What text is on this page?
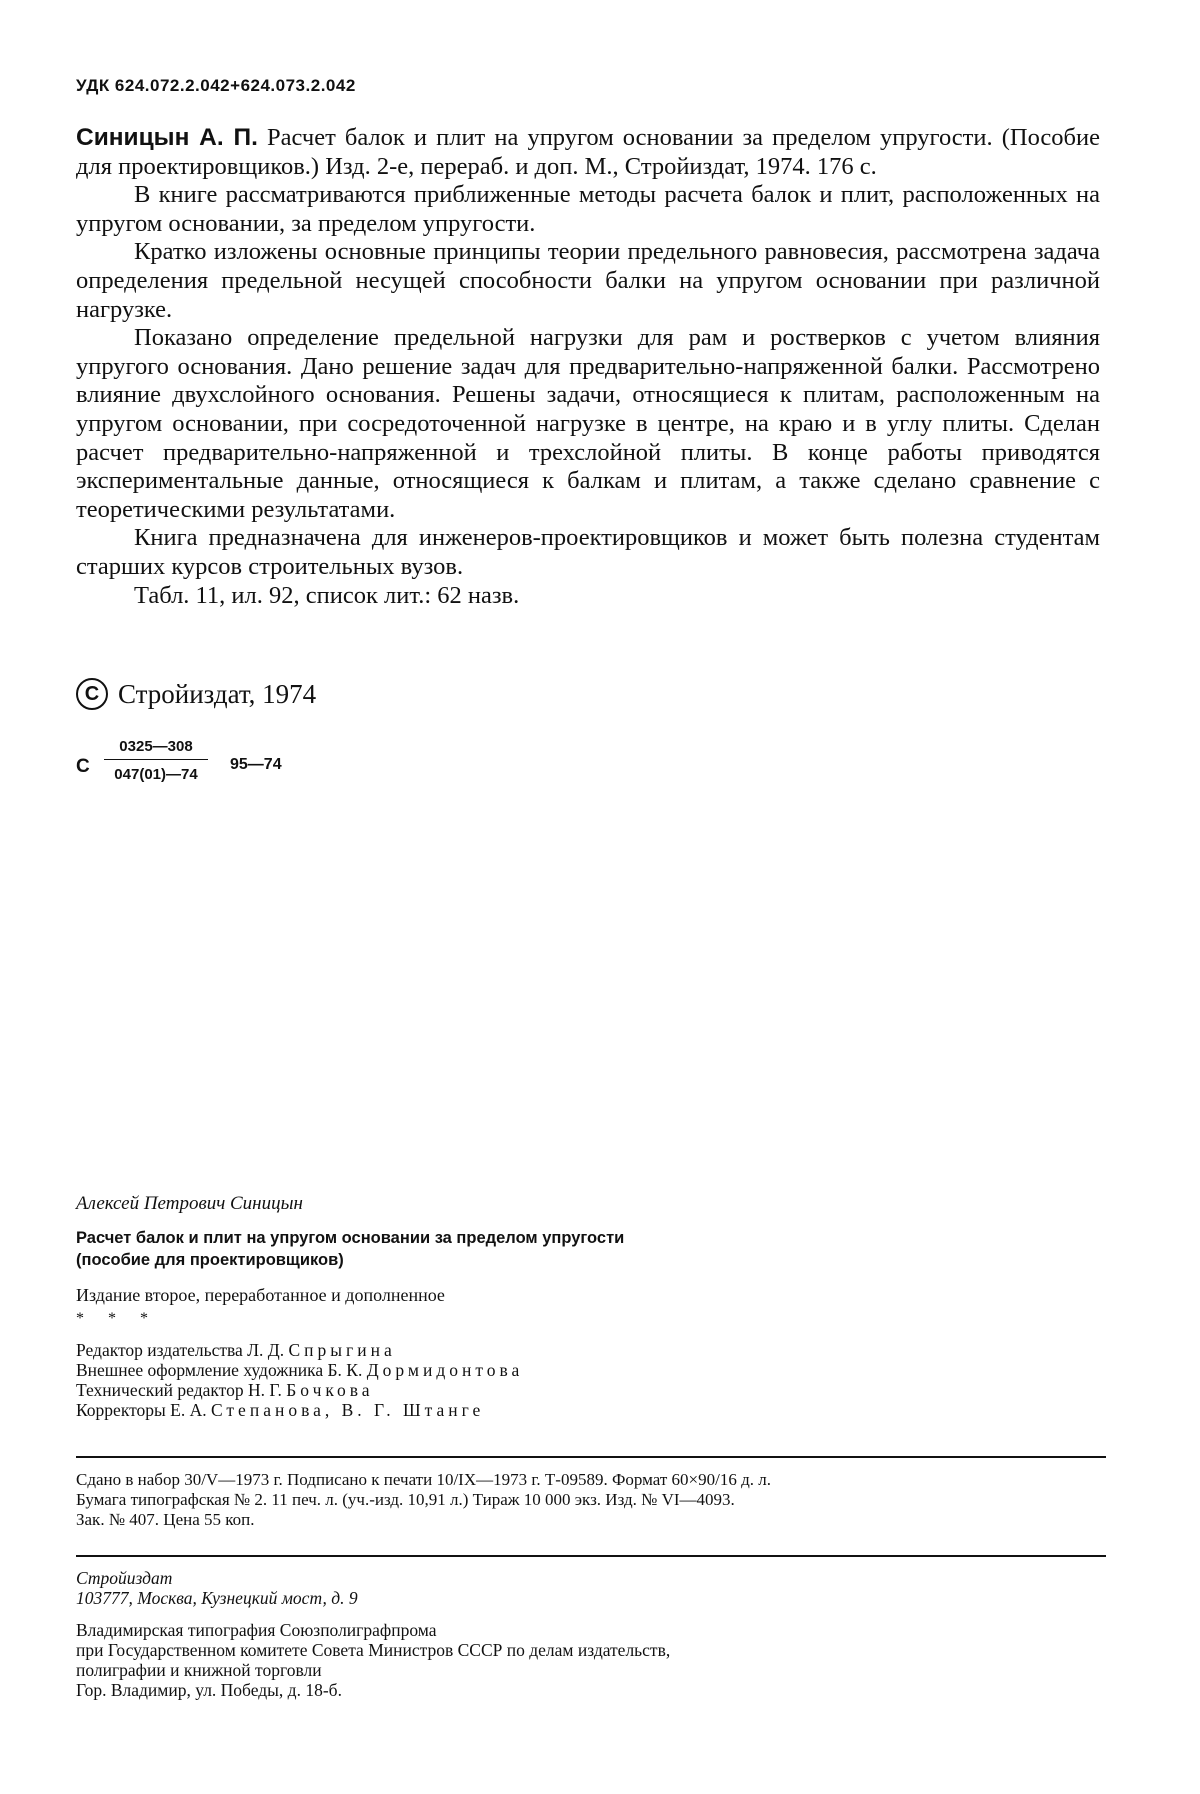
УДК 624.072.2.042+624.073.2.042

Синицын А. П. Расчет балок и плит на упругом основании за пределом упругости. (Пособие для проектировщиков.) Изд. 2-е, перераб. и доп. М., Стройиздат, 1974. 176 с.

В книге рассматриваются приближенные методы расчета балок и плит, расположенных на упругом основании, за пределом упругости.

Кратко изложены основные принципы теории предельного равновесия, рассмотрена задача определения предельной несущей способности балки на упругом основании при различной нагрузке.

Показано определение предельной нагрузки для рам и ростверков с учетом влияния упругого основания. Дано решение задач для предварительно-напряженной балки. Рассмотрено влияние двухслойного основания. Решены задачи, относящиеся к плитам, расположенным на упругом основании, при сосредоточенной нагрузке в центре, на краю и в углу плиты. Сделан расчет предварительно-напряженной и трехслойной плиты. В конце работы приводятся экспериментальные данные, относящиеся к балкам и плитам, а также сделано сравнение с теоретическими результатами.

Книга предназначена для инженеров-проектировщиков и может быть полезна студентам старших курсов строительных вузов.

Табл. 11, ил. 92, список лит.: 62 назв.

C Стройиздат, 1974
С
0325—308
047(01)—74
95—74
Алексей Петрович Синицын
Расчет балок и плит на упругом основании за пределом упругости
(пособие для проектировщиков)
Издание второе, переработанное и дополненное
* * *
Редактор издательства Л. Д. Спрыгина
Внешнее оформление художника Б. К. Дормидонтова
Технический редактор Н. Г. Бочкова
Корректоры Е. А. Степанова, В. Г. Штанге
Сдано в набор 30/V—1973 г. Подписано к печати 10/IX—1973 г. Т-09589. Формат 60×90/16 д. л.
Бумага типографская № 2. 11 печ. л. (уч.-изд. 10,91 л.) Тираж 10 000 экз. Изд. № VI—4093.
Зак. № 407. Цена 55 коп.
Стройиздат
103777, Москва, Кузнецкий мост, д. 9
Владимирская типография Союзполиграфпрома
при Государственном комитете Совета Министров СССР по делам издательств,
полиграфии и книжной торговли
Гор. Владимир, ул. Победы, д. 18-б.
